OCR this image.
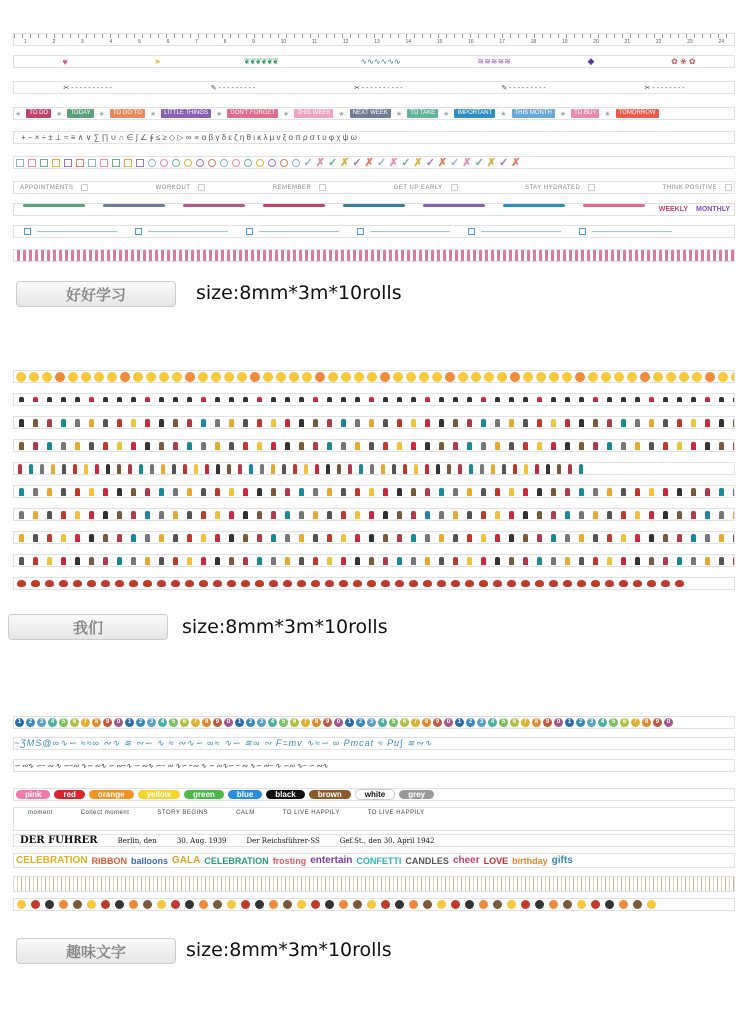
1	2	3	4	5	6	7	8	9	10	11	12	13	14	15	16	17	18	19	20	21	22	23	24
♥	➤	❦❦❦❦❦❦	∿∿∿∿∿∿	≋≋≋≋≋	◆	✿ ❀ ✿
✂ - - - - - - - - - -	✎ - - - - - - - - -	✂ - - - - - - - - - -	✎ - - - - - - - - -	✂ - - - - - - - -
★	TO DO	★	TODAY	★	TO GO TO	★	LITTLE THINGS	★	DON'T FORGET	★	THIS WEEK	★	NEXT WEEK	★	TO TAKE	★	IMPORTANT	★	THIS MONTH	★	TO BUY	★	TOMORROW
+ − × ÷ ± ⊥ ≈ ≡ ∧ ∨ ∑ ∏ ∪ ∩ ∈ ∫ ∠ ∮ ≤ ≥ ◇ ▷ ∞ ∝ α β γ δ ε ζ η θ ι κ λ μ ν ξ ο π ρ σ τ υ φ χ ψ ω
✓ ✗ ✓ ✗ ✓ ✗ ✓ ✗ ✓ ✗ ✓ ✗ ✓ ✗ ✓ ✗ ✓ ✗
APPOINTMENTS	WORKOUT	REMEMBER	GET UP EARLY	STAY HYDRATED	THINK POSITIVE
WEEKLY MONTHLY
好好学习	size:8mm*3m*10rolls
我们	size:8mm*3m*10rolls
1	2	3	4	5	6	7	8	9	0	1	2	3	4	5	6	7	8	9	0	1	2	3	4	5	6	7	8	9	0	1	2	3	4	5	6	7	8	9	0	1	2	3	4	5	6	7	8	9	0	1	2	3	4	5	6	7	8	9	0
~ƷMS@∞∿∽ ≈≈∞ ∾∿ ≋ ∾∽ ∿ ≈ ∾∿∽ ∞≈ ∿∽ ≋∞ ∾ F=mv ∿≈∽ ∞ Pmcat ≈ Pu∫ ≋∾∿
∽ ∾∿ ∽~ ∾ ∿ ∽~∾ ∿∽ ∾∿ ∽ ∾~∿ ∽ ∾∿ ∽~ ∾ ∿∽ ~∾ ∿ ∽ ∾∿∽ ~ ∾ ∿∽ ∾~ ∿ ∽∾ ∿~ ∽ ∾∿
pink	red	orange	yellow	green	blue	black	brown	white	grey
moment	Collect moment	STORY BEGINS	CALM	TO LIVE HAPPILY	TO LIVE HAPPILY
DER FÜHRER	Berlin, den	30. Aug. 1939	Der Reichsführer-SS	Gef.St., den 30. April 1942
CELEBRATION RIBBON balloons GALA CELEBRATION frosting entertain CONFETTI CANDLES cheer LOVE birthday gifts
趣味文字	size:8mm*3m*10rolls
